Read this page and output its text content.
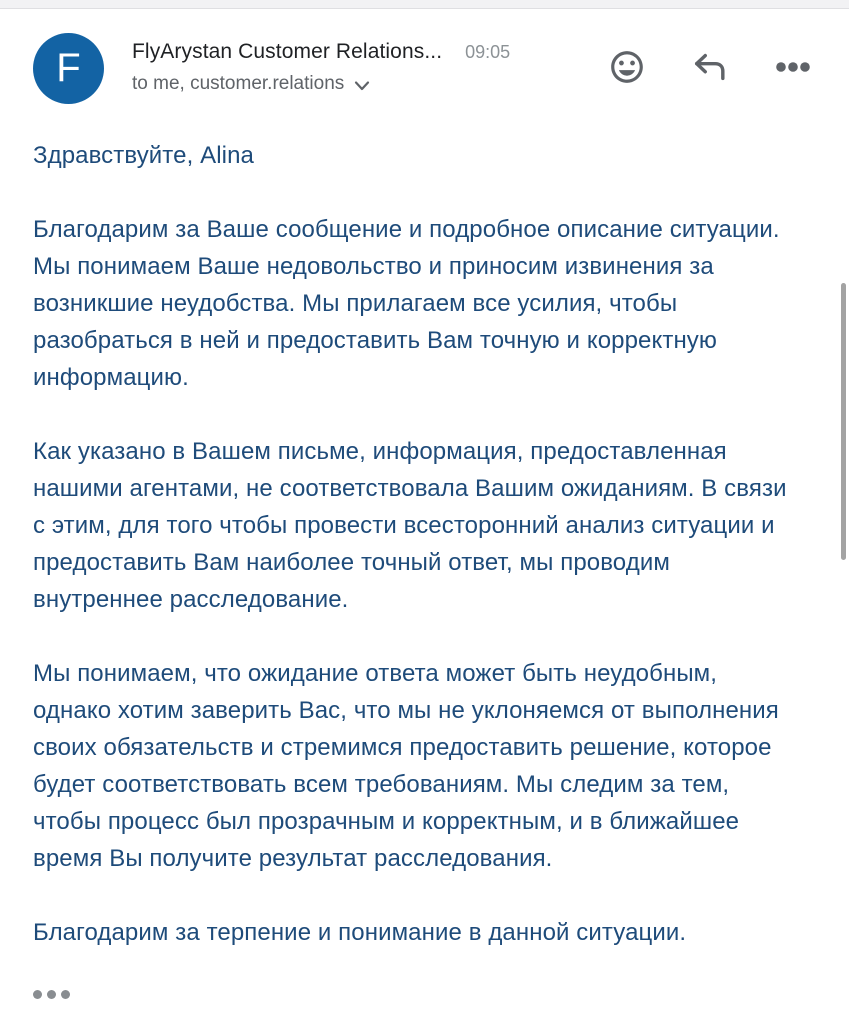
F	FlyArystan Customer Relations... 09:05
to me, customer.relations
Здравствуйте, Alina
Благодарим за Ваше сообщение и подробное описание ситуации.
Мы понимаем Ваше недовольство и приносим извинения за
возникшие неудобства. Мы прилагаем все усилия, чтобы
разобраться в ней и предоставить Вам точную и корректную
информацию.
Как указано в Вашем письме, информация, предоставленная
нашими агентами, не соответствовала Вашим ожиданиям. В связи
с этим, для того чтобы провести всесторонний анализ ситуации и
предоставить Вам наиболее точный ответ, мы проводим
внутреннее расследование.
Мы понимаем, что ожидание ответа может быть неудобным,
однако хотим заверить Вас, что мы не уклоняемся от выполнения
своих обязательств и стремимся предоставить решение, которое
будет соответствовать всем требованиям. Мы следим за тем,
чтобы процесс был прозрачным и корректным, и в ближайшее
время Вы получите результат расследования.
Благодарим за терпение и понимание в данной ситуации.
